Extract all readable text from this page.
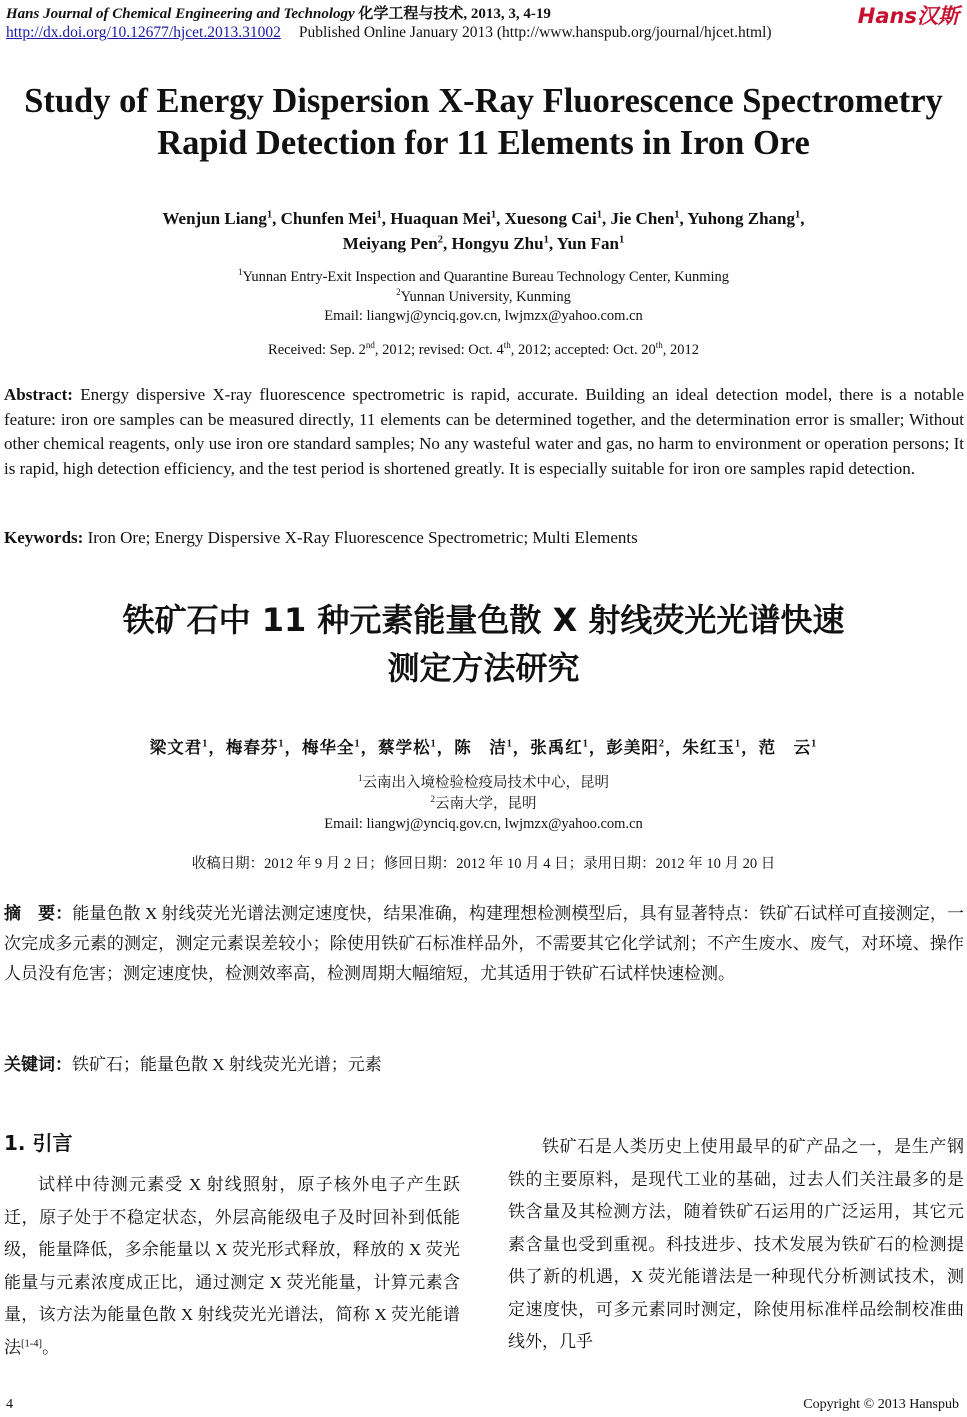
Hans Journal of Chemical Engineering and Technology 化学工程与技术, 2013, 3, 4-19	Hans汉斯
http://dx.doi.org/10.12677/hjcet.2013.31002 Published Online January 2013 (http://www.hanspub.org/journal/hjcet.html)
Study of Energy Dispersion X-Ray Fluorescence Spectrometry
Rapid Detection for 11 Elements in Iron Ore
Wenjun Liang$^1$, Chunfen Mei$^1$, Huaquan Mei$^1$, Xuesong Cai$^1$, Jie Chen$^1$, Yuhong Zhang$^1$,
Meiyang Pen$^2$, Hongyu Zhu$^1$, Yun Fan$^1$
$^1$Yunnan Entry-Exit Inspection and Quarantine Bureau Technology Center, Kunming
$^2$Yunnan University, Kunming
Email: liangwj@ynciq.gov.cn, lwjmzx@yahoo.com.cn
Received: Sep. 2nd, 2012; revised: Oct. 4th, 2012; accepted: Oct. 20th, 2012
Abstract: Energy dispersive X-ray fluorescence spectrometric is rapid, accurate. Building an ideal detection model, there is a notable feature: iron ore samples can be measured directly, 11 elements can be determined together, and the determination error is smaller; Without other chemical reagents, only use iron ore standard samples; No any wasteful water and gas, no harm to environment or operation persons; It is rapid, high detection efficiency, and the test period is shortened greatly. It is especially suitable for iron ore samples rapid detection.
Keywords: Iron Ore; Energy Dispersive X-Ray Fluorescence Spectrometric; Multi Elements
铁矿石中 11 种元素能量色散 X 射线荧光光谱快速
测定方法研究
梁文君$^1$，梅春芬$^1$，梅华全$^1$，蔡学松$^1$，陈　洁$^1$，张禹红$^1$，彭美阳$^2$，朱红玉$^1$，范　云$^1$
$^1$云南出入境检验检疫局技术中心，昆明
$^2$云南大学，昆明
Email: liangwj@ynciq.gov.cn, lwjmzx@yahoo.com.cn
收稿日期：2012 年 9 月 2 日；修回日期：2012 年 10 月 4 日；录用日期：2012 年 10 月 20 日
摘　要：能量色散 X 射线荧光光谱法测定速度快，结果准确，构建理想检测模型后，具有显著特点：铁矿石试样可直接测定，一次完成多元素的测定，测定元素误差较小；除使用铁矿石标准样品外，不需要其它化学试剂；不产生废水、废气，对环境、操作人员没有危害；测定速度快，检测效率高，检测周期大幅缩短，尤其适用于铁矿石试样快速检测。
关键词：铁矿石；能量色散 X 射线荧光光谱；元素
1. 引言

试样中待测元素受 X 射线照射，原子核外电子产生跃迁，原子处于不稳定状态，外层高能级电子及时回补到低能级，能量降低，多余能量以 X 荧光形式释放，释放的 X 荧光能量与元素浓度成正比，通过测定 X 荧光能量，计算元素含量，该方法为能量色散 X 射线荧光光谱法，简称 X 荧光能谱法[1-4]。

铁矿石是人类历史上使用最早的矿产品之一，是生产钢铁的主要原料，是现代工业的基础，过去人们关注最多的是铁含量及其检测方法，随着铁矿石运用的广泛运用，其它元素含量也受到重视。科技进步、技术发展为铁矿石的检测提供了新的机遇，X 荧光能谱法是一种现代分析测试技术，测定速度快，可多元素同时测定，除使用标准样品绘制校准曲线外，几乎

4	Copyright © 2013 Hanspub
